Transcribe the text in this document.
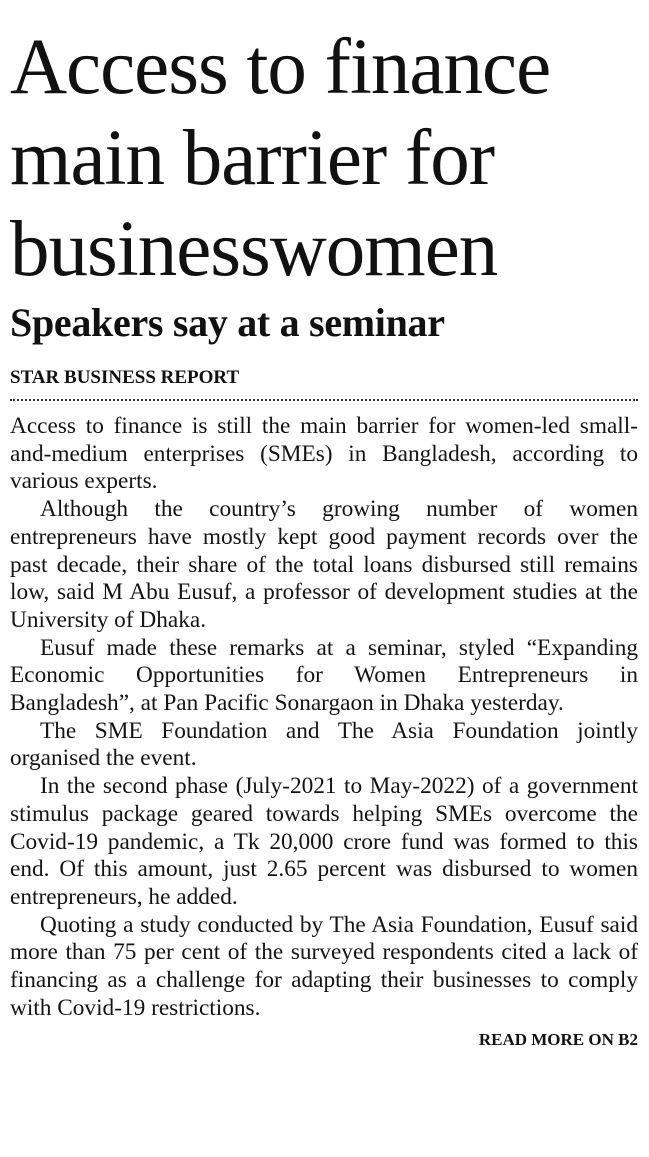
Access to finance
main barrier for
businesswomen
Speakers say at a seminar
STAR BUSINESS REPORT

Access to finance is still the main barrier for women-led small-and-medium enterprises (SMEs) in Bangladesh, according to various experts.

Although the country’s growing number of women entrepreneurs have mostly kept good payment records over the past decade, their share of the total loans disbursed still remains low, said M Abu Eusuf, a professor of development studies at the University of Dhaka.

Eusuf made these remarks at a seminar, styled “Expanding Economic Opportunities for Women Entrepreneurs in Bangladesh”, at Pan Pacific Sonargaon in Dhaka yesterday.

The SME Foundation and The Asia Foundation jointly organised the event.

In the second phase (July-2021 to May-2022) of a government stimulus package geared towards helping SMEs overcome the Covid-19 pandemic, a Tk 20,000 crore fund was formed to this end. Of this amount, just 2.65 percent was disbursed to women entrepreneurs, he added.

Quoting a study conducted by The Asia Foundation, Eusuf said more than 75 per cent of the surveyed respondents cited a lack of financing as a challenge for adapting their businesses to comply with Covid-19 restrictions.

READ MORE ON B2
